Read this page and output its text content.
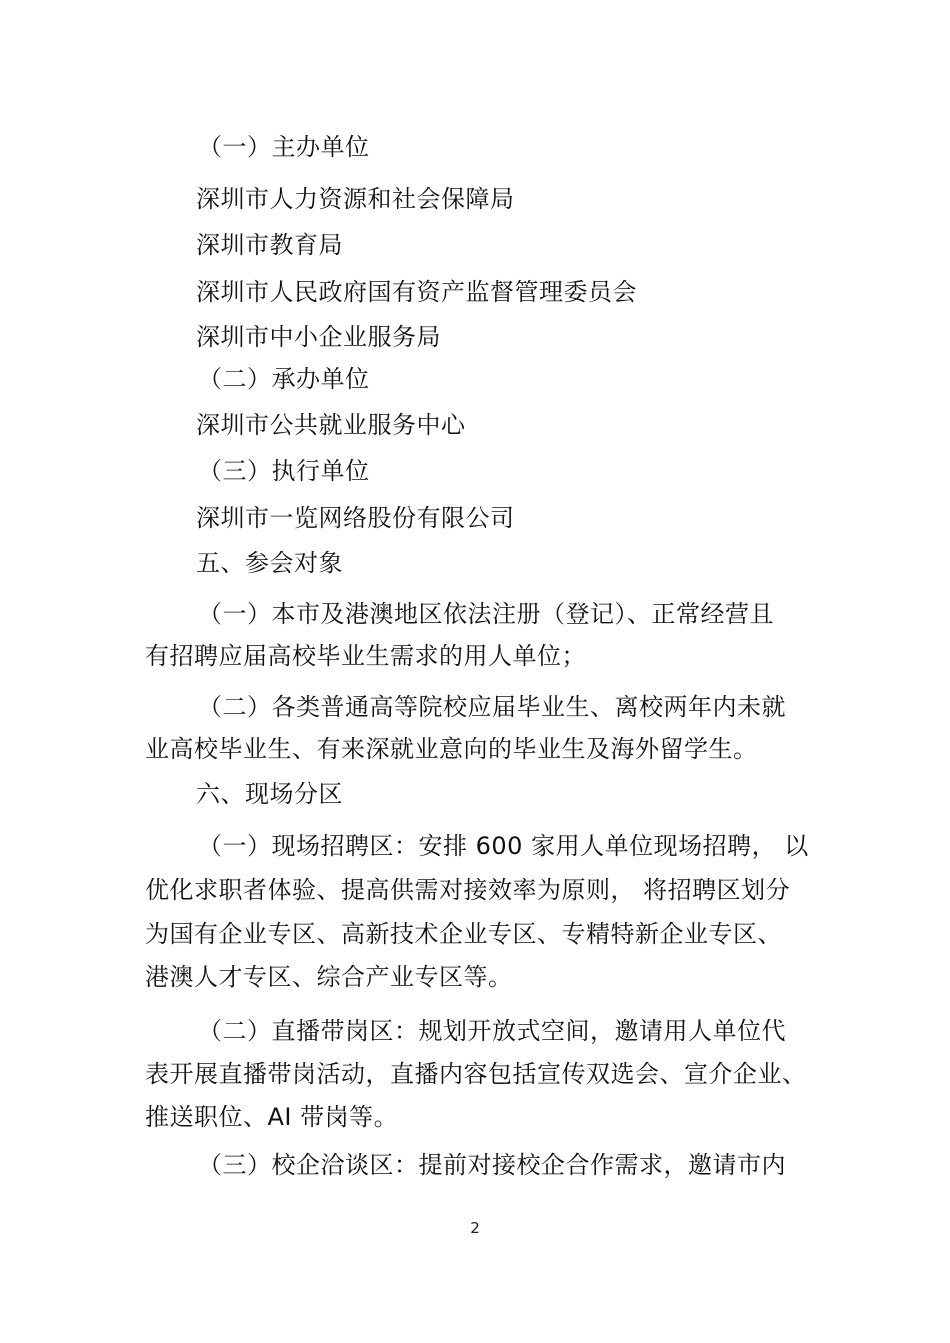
（一）主办单位
深圳市人力资源和社会保障局
深圳市教育局
深圳市人民政府国有资产监督管理委员会
深圳市中小企业服务局
（二）承办单位
深圳市公共就业服务中心
（三）执行单位
深圳市一览网络股份有限公司
五、参会对象
（一）本市及港澳地区依法注册（登记）、正常经营且
有招聘应届高校毕业生需求的用人单位；
（二）各类普通高等院校应届毕业生、离校两年内未就
业高校毕业生、有来深就业意向的毕业生及海外留学生。
六、现场分区
（一）现场招聘区：安排 600 家用人单位现场招聘， 以
优化求职者体验、提高供需对接效率为原则， 将招聘区划分
为国有企业专区、高新技术企业专区、专精特新企业专区、
港澳人才专区、综合产业专区等。
（二）直播带岗区：规划开放式空间，邀请用人单位代
表开展直播带岗活动，直播内容包括宣传双选会、宣介企业、
推送职位、AI 带岗等。
（三）校企洽谈区：提前对接校企合作需求，邀请市内
2
